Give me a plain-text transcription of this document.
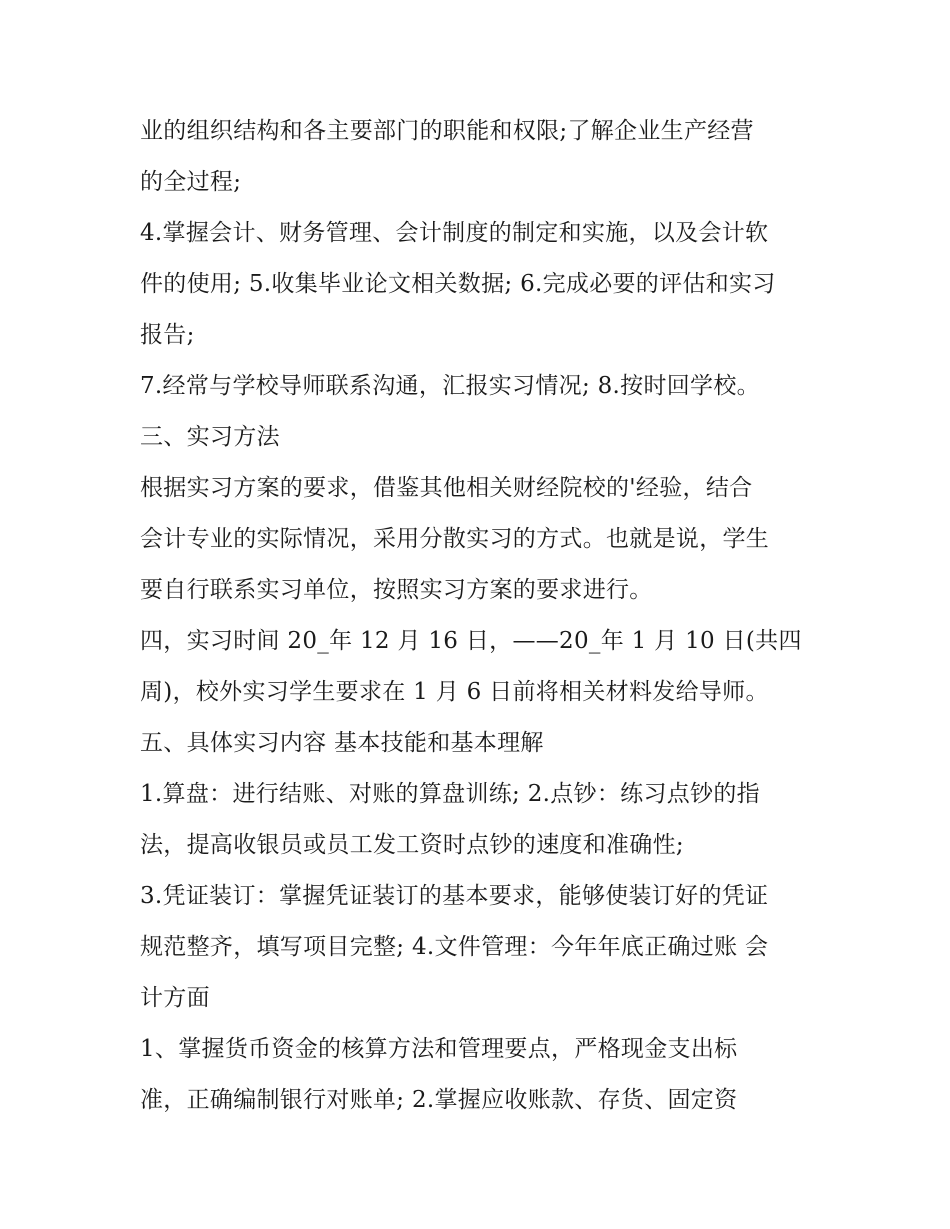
业的组织结构和各主要部门的职能和权限;了解企业生产经营
的全过程;
4.掌握会计、财务管理、会计制度的制定和实施，以及会计软
件的使用; 5.收集毕业论文相关数据; 6.完成必要的评估和实习
报告;
7.经常与学校导师联系沟通，汇报实习情况; 8.按时回学校。
三、实习方法
根据实习方案的要求，借鉴其他相关财经院校的'经验，结合
会计专业的实际情况，采用分散实习的方式。也就是说，学生
要自行联系实习单位，按照实习方案的要求进行。
四，实习时间 20_年 12 月 16 日，——20_年 1 月 10 日(共四
周)，校外实习学生要求在 1 月 6 日前将相关材料发给导师。
五、具体实习内容 基本技能和基本理解
1.算盘：进行结账、对账的算盘训练; 2.点钞：练习点钞的指
法，提高收银员或员工发工资时点钞的速度和准确性;
3.凭证装订：掌握凭证装订的基本要求，能够使装订好的凭证
规范整齐，填写项目完整; 4.文件管理：今年年底正确过账 会
计方面
1、掌握货币资金的核算方法和管理要点，严格现金支出标
准，正确编制银行对账单; 2.掌握应收账款、存货、固定资
